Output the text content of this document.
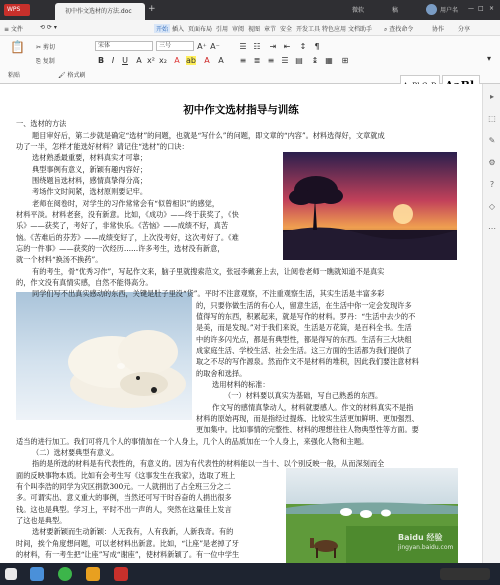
WPS	初中作文选材的方法.doc	+	微软	稿	用户名 — □ ×
≡ 文件	⟲ ⟳ ▾	开始 插入 页面布局 引用 审阅 视图 章节 安全 开发工具 特色应用 文档助手 ⌕ 查找命令	协作 分享
📋
粘贴
✂ 剪切
⎘ 复制
🖌 格式刷
宋体	三号	A⁺ A⁻
B I U A x² x₂ A ab A A
☰ ☷ ⇥ ⇤ ↕	¶
≡ ≣ ≡ ☰ ▤ ↨ ▦ ⊞	▾
初中作文选材指导与训练
一、选材的方法
题目审好后，第二步就是确定“选材”的问题，也就是“写什么”的问题，即文章的“内容”。材料选得好，文章就成
功了一半，怎样才能选好材料？请记住“选材”的口诀：
选材熟悉最重要，材料真实才可靠；
典型事例有意义，新颖有趣内容好；
围绕题旨选材料，感情真挚得分高；
考场作文时间紧，选材原则要记牢。
老师在阅卷时，对学生的习作常常会有“似曾相识”的感觉，
材料平淡。材料老套，没有新意。比如，《成功》——终于获奖了，《快
乐》——获奖了，考好了，非常快乐。《苦恼》——成绩不好，真苦
恼。《苦难后的芬芳》——成绩变好了，上次没考好，这次考好了。《难
忘的一件事》——获奖的一次经历……许多考生，选材没有新意，
就一个材料“换汤不换药”。
有的考生，骨“优秀习作”，写起作文来，脑子里就搜索范文，张冠李戴套上去，让阅卷老师一瞧就知道不是真实
的，作文没有真情实感，自然不能得高分。
同学们写不出真实感动的东西，关键是肚子里没“货”。平时不注意观察，不注重观察生活，其实生活是丰富多彩
的，只要你做生活的有心人，留意生活，在生活中你一定会发现许多
值得写的东西，积累起来，就是写作的材料。罗丹：“生活中去少的不
是美，而是发现。”对于我们来说，生活是万花筒，是百科全书。生活
中的许多闪光点，都是有典型性，都是得写的东西。生活有三大块组
成家庭生活、学校生活、社会生活。这三方面的生活都为我们提供了
取之不尽的写作源泉。然而作文不是材料的堆积，因此我们要注意材料
的取舍和选择。
选用材料的标准：
（一）材料要以真实为基础，写自己熟悉的东西。
作文写的感情真挚动人，材料就要感人。作文的材料真实不是指
材料的原始再现，而是指经过提炼、比较实生活更加鲜明、更加强烈、
更加集中。比如事情的完整性、材料的理想往往人物典型性等方面。要
适当的进行加工。我们可将几个人的事情加在一个人身上，几个人的品质加在一个人身上，来强化人物和主题。
（二）选材要典型有意义。
指的是所选的材料是有代表性的，有意义的。因为有代表性的材料能以一当十、以个别反映一般，从而深刻而全
面的反映事物本质。比如有会考生写《这事发生在我家》，选取了班上
有个叫李浩的同学为灾区捐款300元。一人就捐出了占全班三分之二
多。可谓实出、意义重大的事例，当然还可写干时吞奋的人捐出很多
钱。这也是典型。学习上，平时不出一声的人，突然在这量佳上发言
了这也是典型。
选材要新颖而生动新颖：人无我有，人有我新，人新我奇。有的
时间，挨个角度想问题，可以老材料出新意。比如，“让座”是老掉了牙
的材料，有一考生把“让座”写成“谢座”，使材料新颖了。有一位中学生
Baidu 经验
jingyan.baidu.com
▸
⬚
✎
⚙
?
◇
⋯
